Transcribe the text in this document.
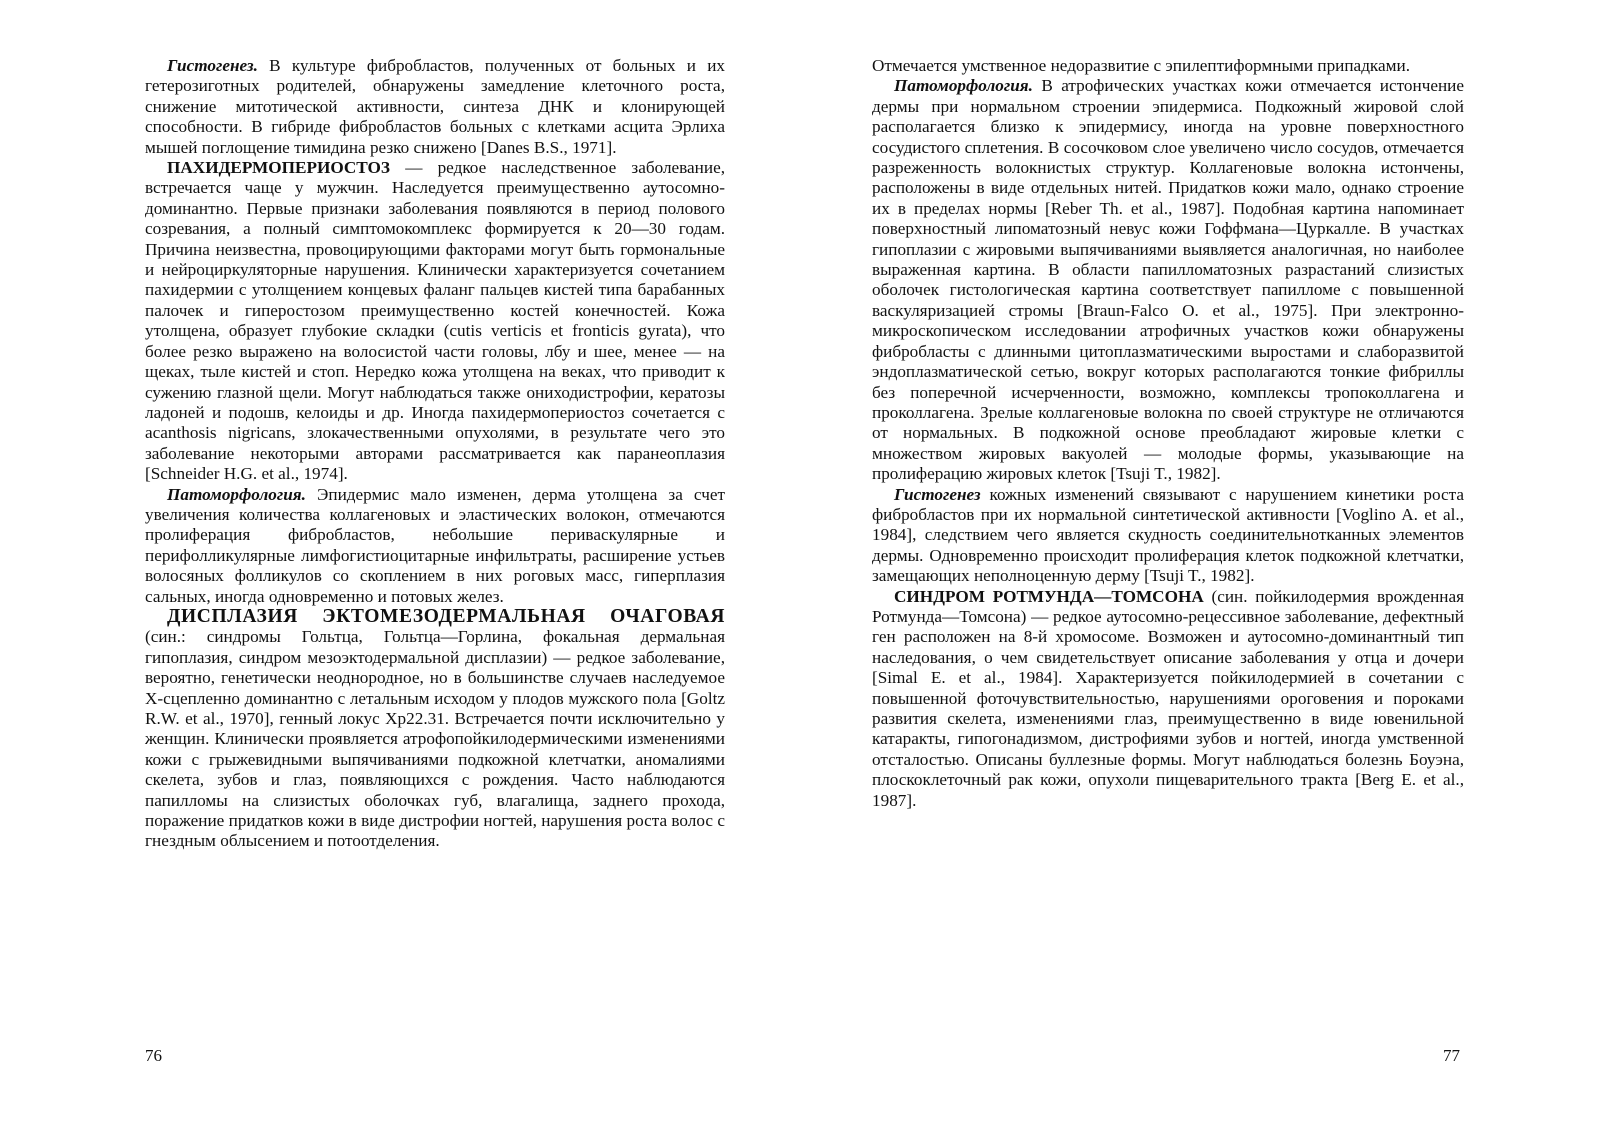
Гистогенез. В культуре фибробластов, полученных от больных и их гетерозиготных родителей, обнаружены замедление клеточного роста, снижение митотической активности, синтеза ДНК и клонирующей способности. В гибриде фибробластов больных с клетками асцита Эрлиха мышей поглощение тимидина резко снижено [Danes B.S., 1971].

ПАХИДЕРМОПЕРИОСТОЗ — редкое наследственное заболевание, встречается чаще у мужчин. Наследуется преимущественно аутосомно-доминантно. Первые признаки заболевания появляются в период полового созревания, а полный симптомокомплекс формируется к 20—30 годам. Причина неизвестна, провоцирующими факторами могут быть гормональные и нейроциркуляторные нарушения. Клинически характеризуется сочетанием пахидермии с утолщением концевых фаланг пальцев кистей типа барабанных палочек и гиперостозом преимущественно костей конечностей. Кожа утолщена, образует глубокие складки (cutis verticis et fronticis gyrata), что более резко выражено на волосистой части головы, лбу и шее, менее — на щеках, тыле кистей и стоп. Нередко кожа утолщена на веках, что приводит к сужению глазной щели. Могут наблюдаться также ониходистрофии, кератозы ладоней и подошв, келоиды и др. Иногда пахидермопериостоз сочетается с acanthosis nigricans, злокачественными опухолями, в результате чего это заболевание некоторыми авторами рассматривается как паранеоплазия [Schneider H.G. et al., 1974].

Патоморфология. Эпидермис мало изменен, дерма утолщена за счет увеличения количества коллагеновых и эластических волокон, отмечаются пролиферация фибробластов, небольшие периваскулярные и перифолликулярные лимфогистиоцитарные инфильтраты, расширение устьев волосяных фолликулов со скоплением в них роговых масс, гиперплазия сальных, иногда одновременно и потовых желез.

ДИСПЛАЗИЯ ЭКТОМЕЗОДЕРМАЛЬНАЯ ОЧАГОВАЯ (син.: синдромы Гольтца, Гольтца—Горлина, фокальная дермальная гипоплазия, синдром мезоэктодермальной дисплазии) — редкое заболевание, вероятно, генетически неоднородное, но в большинстве случаев наследуемое Х-сцепленно доминантно с летальным исходом у плодов мужского пола [Goltz R.W. et al., 1970], генный локус Хр22.31. Встречается почти исключительно у женщин. Клинически проявляется атрофопойкилодермическими изменениями кожи с грыжевидными выпячиваниями подкожной клетчатки, аномалиями скелета, зубов и глаз, появляющихся с рождения. Часто наблюдаются папилломы на слизистых оболочках губ, влагалища, заднего прохода, поражение придатков кожи в виде дистрофии ногтей, нарушения роста волос с гнездным облысением и потоотделения.

76

Отмечается умственное недоразвитие с эпилептиформными припадками.

Патоморфология. В атрофических участках кожи отмечается истончение дермы при нормальном строении эпидермиса. Подкожный жировой слой располагается близко к эпидермису, иногда на уровне поверхностного сосудистого сплетения. В сосочковом слое увеличено число сосудов, отмечается разреженность волокнистых структур. Коллагеновые волокна истончены, расположены в виде отдельных нитей. Придатков кожи мало, однако строение их в пределах нормы [Reber Th. et al., 1987]. Подобная картина напоминает поверхностный липоматозный невус кожи Гоффмана—Цуркалле. В участках гипоплазии с жировыми выпячиваниями выявляется аналогичная, но наиболее выраженная картина. В области папилломатозных разрастаний слизистых оболочек гистологическая картина соответствует папилломе с повышенной васкуляризацией стромы [Braun-Falco O. et al., 1975]. При электронно-микроскопическом исследовании атрофичных участков кожи обнаружены фибробласты с длинными цитоплазматическими выростами и слаборазвитой эндоплазматической сетью, вокруг которых располагаются тонкие фибриллы без поперечной исчерченности, возможно, комплексы тропоколлагена и проколлагена. Зрелые коллагеновые волокна по своей структуре не отличаются от нормальных. В подкожной основе преобладают жировые клетки с множеством жировых вакуолей — молодые формы, указывающие на пролиферацию жировых клеток [Tsuji T., 1982].

Гистогенез кожных изменений связывают с нарушением кинетики роста фибробластов при их нормальной синтетической активности [Voglino A. et al., 1984], следствием чего является скудность соединительнотканных элементов дермы. Одновременно происходит пролиферация клеток подкожной клетчатки, замещающих неполноценную дерму [Tsuji T., 1982].

СИНДРОМ РОТМУНДА—ТОМСОНА (син. пойкилодермия врожденная Ротмунда—Томсона) — редкое аутосомно-рецессивное заболевание, дефектный ген расположен на 8-й хромосоме. Возможен и аутосомно-доминантный тип наследования, о чем свидетельствует описание заболевания у отца и дочери [Simal E. et al., 1984]. Характеризуется пойкилодермией в сочетании с повышенной фоточувствительностью, нарушениями ороговения и пороками развития скелета, изменениями глаз, преимущественно в виде ювенильной катаракты, гипогонадизмом, дистрофиями зубов и ногтей, иногда умственной отсталостью. Описаны буллезные формы. Могут наблюдаться болезнь Боуэна, плоскоклеточный рак кожи, опухоли пищеварительного тракта [Berg E. et al., 1987].

77
